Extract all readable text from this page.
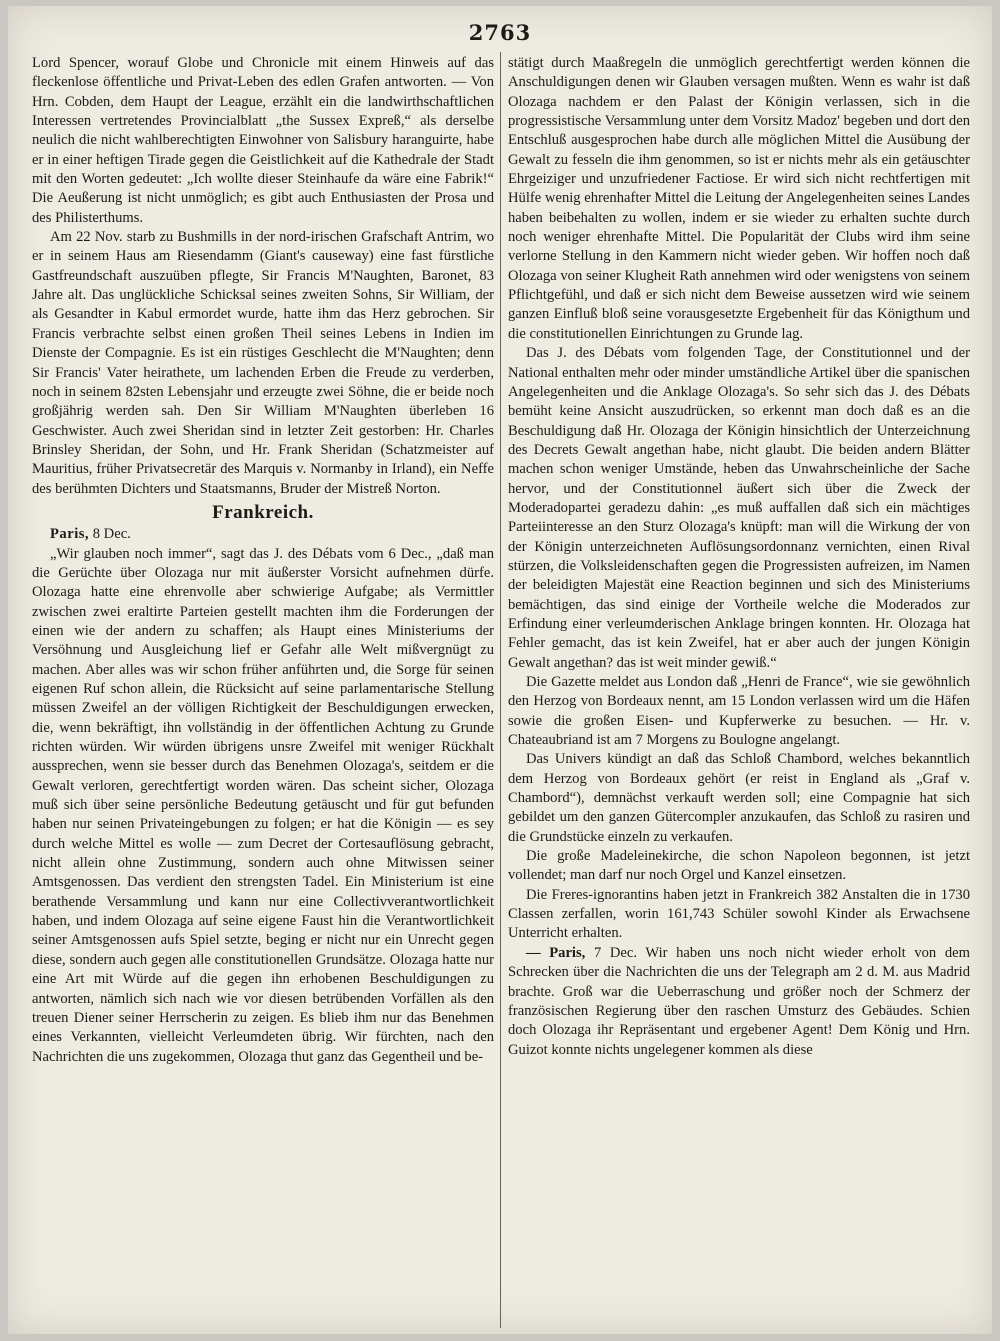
2763

Lord Spencer, worauf Globe und Chronicle mit einem Hinweis auf das fleckenlose öffentliche und Privat-Leben des edlen Grafen antworten. — Von Hrn. Cobden, dem Haupt der League, erzählt ein die landwirthschaftlichen Interessen vertretendes Provincialblatt „the Sussex Expreß,“ als derselbe neulich die nicht wahlberechtigten Einwohner von Salisbury haranguirte, habe er in einer heftigen Tirade gegen die Geistlichkeit auf die Kathedrale der Stadt mit den Worten gedeutet: „Ich wollte dieser Steinhaufe da wäre eine Fabrik!“ Die Aeußerung ist nicht unmöglich; es gibt auch Enthusiasten der Prosa und des Philisterthums.

Am 22 Nov. starb zu Bushmills in der nord-irischen Grafschaft Antrim, wo er in seinem Haus am Riesendamm (Giant's causeway) eine fast fürstliche Gastfreundschaft auszuüben pflegte, Sir Francis M'Naughten, Baronet, 83 Jahre alt. Das unglückliche Schicksal seines zweiten Sohns, Sir William, der als Gesandter in Kabul ermordet wurde, hatte ihm das Herz gebrochen. Sir Francis verbrachte selbst einen großen Theil seines Lebens in Indien im Dienste der Compagnie. Es ist ein rüstiges Geschlecht die M'Naughten; denn Sir Francis' Vater heirathete, um lachenden Erben die Freude zu verderben, noch in seinem 82sten Lebensjahr und erzeugte zwei Söhne, die er beide noch großjährig werden sah. Den Sir William M'Naughten überleben 16 Geschwister. Auch zwei Sheridan sind in letzter Zeit gestorben: Hr. Charles Brinsley Sheridan, der Sohn, und Hr. Frank Sheridan (Schatzmeister auf Mauritius, früher Privatsecretär des Marquis v. Normanby in Irland), ein Neffe des berühmten Dichters und Staatsmanns, Bruder der Mistreß Norton.

Frankreich.

Paris, 8 Dec.

„Wir glauben noch immer“, sagt das J. des Débats vom 6 Dec., „daß man die Gerüchte über Olozaga nur mit äußerster Vorsicht aufnehmen dürfe. Olozaga hatte eine ehrenvolle aber schwierige Aufgabe; als Vermittler zwischen zwei eraltirte Parteien gestellt machten ihm die Forderungen der einen wie der andern zu schaffen; als Haupt eines Ministeriums der Versöhnung und Ausgleichung lief er Gefahr alle Welt mißvergnügt zu machen. Aber alles was wir schon früher anführten und, die Sorge für seinen eigenen Ruf schon allein, die Rücksicht auf seine parlamentarische Stellung müssen Zweifel an der völligen Richtigkeit der Beschuldigungen erwecken, die, wenn bekräftigt, ihn vollständig in der öffentlichen Achtung zu Grunde richten würden. Wir würden übrigens unsre Zweifel mit weniger Rückhalt aussprechen, wenn sie besser durch das Benehmen Olozaga's, seitdem er die Gewalt verloren, gerechtfertigt worden wären. Das scheint sicher, Olozaga muß sich über seine persönliche Bedeutung getäuscht und für gut befunden haben nur seinen Privateingebungen zu folgen; er hat die Königin — es sey durch welche Mittel es wolle — zum Decret der Cortesauflösung gebracht, nicht allein ohne Zustimmung, sondern auch ohne Mitwissen seiner Amtsgenossen. Das verdient den strengsten Tadel. Ein Ministerium ist eine berathende Versammlung und kann nur eine Collectivverantwortlichkeit haben, und indem Olozaga auf seine eigene Faust hin die Verantwortlichkeit seiner Amtsgenossen aufs Spiel setzte, beging er nicht nur ein Unrecht gegen diese, sondern auch gegen alle constitutionellen Grundsätze. Olozaga hatte nur eine Art mit Würde auf die gegen ihn erhobenen Beschuldigungen zu antworten, nämlich sich nach wie vor diesen betrübenden Vorfällen als den treuen Diener seiner Herrscherin zu zeigen. Es blieb ihm nur das Benehmen eines Verkannten, vielleicht Verleumdeten übrig. Wir fürchten, nach den Nachrichten die uns zugekommen, Olozaga thut ganz das Gegentheil und be-

stätigt durch Maaßregeln die unmöglich gerechtfertigt werden können die Anschuldigungen denen wir Glauben versagen mußten. Wenn es wahr ist daß Olozaga nachdem er den Palast der Königin verlassen, sich in die progressistische Versammlung unter dem Vorsitz Madoz' begeben und dort den Entschluß ausgesprochen habe durch alle möglichen Mittel die Ausübung der Gewalt zu fesseln die ihm genommen, so ist er nichts mehr als ein getäuschter Ehrgeiziger und unzufriedener Factiose. Er wird sich nicht rechtfertigen mit Hülfe wenig ehrenhafter Mittel die Leitung der Angelegenheiten seines Landes haben beibehalten zu wollen, indem er sie wieder zu erhalten suchte durch noch weniger ehrenhafte Mittel. Die Popularität der Clubs wird ihm seine verlorne Stellung in den Kammern nicht wieder geben. Wir hoffen noch daß Olozaga von seiner Klugheit Rath annehmen wird oder wenigstens von seinem Pflichtgefühl, und daß er sich nicht dem Beweise aussetzen wird wie seinem ganzen Einfluß bloß seine vorausgesetzte Ergebenheit für das Königthum und die constitutionellen Einrichtungen zu Grunde lag.

Das J. des Débats vom folgenden Tage, der Constitutionnel und der National enthalten mehr oder minder umständliche Artikel über die spanischen Angelegenheiten und die Anklage Olozaga's. So sehr sich das J. des Débats bemüht keine Ansicht auszudrücken, so erkennt man doch daß es an die Beschuldigung daß Hr. Olozaga der Königin hinsichtlich der Unterzeichnung des Decrets Gewalt angethan habe, nicht glaubt. Die beiden andern Blätter machen schon weniger Umstände, heben das Unwahrscheinliche der Sache hervor, und der Constitutionnel äußert sich über die Zweck der Moderadopartei geradezu dahin: „es muß auffallen daß sich ein mächtiges Parteiinteresse an den Sturz Olozaga's knüpft: man will die Wirkung der von der Königin unterzeichneten Auflösungsordonnanz vernichten, einen Rival stürzen, die Volksleidenschaften gegen die Progressisten aufreizen, im Namen der beleidigten Majestät eine Reaction beginnen und sich des Ministeriums bemächtigen, das sind einige der Vortheile welche die Moderados zur Erfindung einer verleumderischen Anklage bringen konnten. Hr. Olozaga hat Fehler gemacht, das ist kein Zweifel, hat er aber auch der jungen Königin Gewalt angethan? das ist weit minder gewiß.“

Die Gazette meldet aus London daß „Henri de France“, wie sie gewöhnlich den Herzog von Bordeaux nennt, am 15 London verlassen wird um die Häfen sowie die großen Eisen- und Kupferwerke zu besuchen. — Hr. v. Chateaubriand ist am 7 Morgens zu Boulogne angelangt.

Das Univers kündigt an daß das Schloß Chambord, welches bekanntlich dem Herzog von Bordeaux gehört (er reist in England als „Graf v. Chambord“), demnächst verkauft werden soll; eine Compagnie hat sich gebildet um den ganzen Gütercompler anzukaufen, das Schloß zu rasiren und die Grundstücke einzeln zu verkaufen.

Die große Madeleinekirche, die schon Napoleon begonnen, ist jetzt vollendet; man darf nur noch Orgel und Kanzel einsetzen.

Die Freres-ignorantins haben jetzt in Frankreich 382 Anstalten die in 1730 Classen zerfallen, worin 161,743 Schüler sowohl Kinder als Erwachsene Unterricht erhalten.

— Paris, 7 Dec. Wir haben uns noch nicht wieder erholt von dem Schrecken über die Nachrichten die uns der Telegraph am 2 d. M. aus Madrid brachte. Groß war die Ueberraschung und größer noch der Schmerz der französischen Regierung über den raschen Umsturz des Gebäudes. Schien doch Olozaga ihr Repräsentant und ergebener Agent! Dem König und Hrn. Guizot konnte nichts ungelegener kommen als diese
